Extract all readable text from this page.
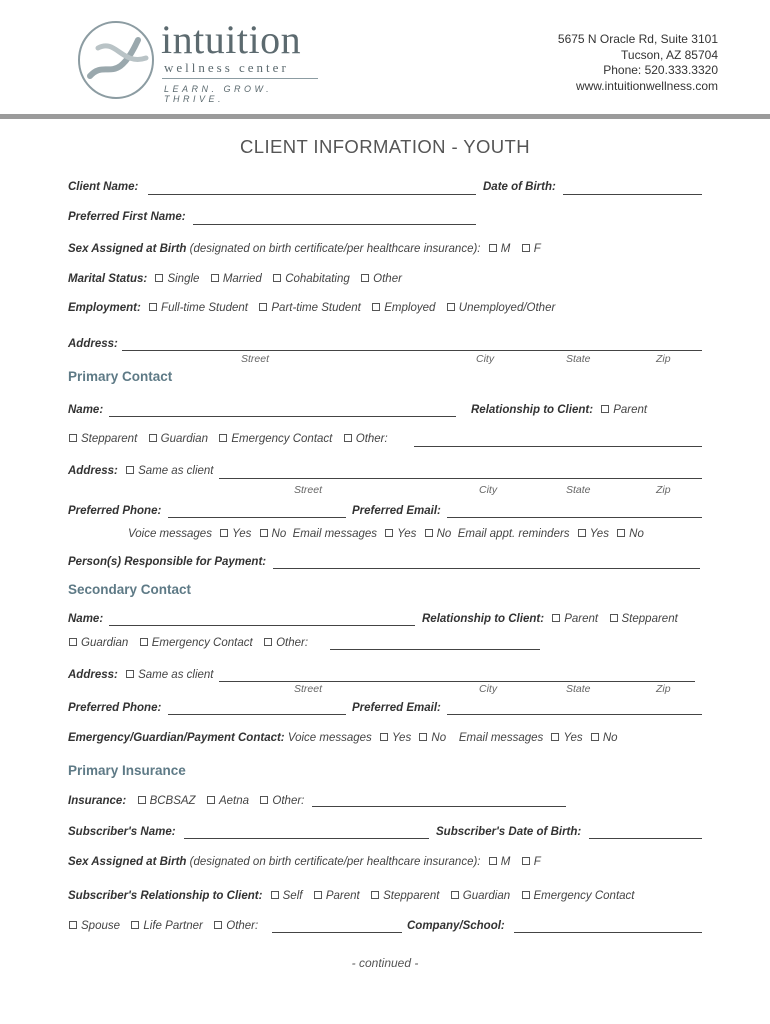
intuition
wellness center
LEARN. GROW. THRIVE.
5675 N Oracle Rd, Suite 3101
Tucson, AZ 85704
Phone: 520.333.3320
www.intuitionwellness.com
CLIENT INFORMATION - YOUTH
Client Name:	Date of Birth:
Preferred First Name:
Sex Assigned at Birth (designated on birth certificate/per healthcare insurance): M F
Marital Status: Single Married Cohabitating Other
Employment: Full-time Student Part-time Student Employed Unemployed/Other
Address:
Street	City	State	Zip
Primary Contact
Name:	Relationship to Client: Parent
Stepparent Guardian Emergency Contact Other:
Address: Same as client
Street	City	State	Zip
Preferred Phone:	Preferred Email:
Voice messages Yes No Email messages Yes No Email appt. reminders Yes No
Person(s) Responsible for Payment:
Secondary Contact
Name:	Relationship to Client: Parent Stepparent
Guardian Emergency Contact Other:
Address: Same as client
Street	City	State	Zip
Preferred Phone:	Preferred Email:
Emergency/Guardian/Payment Contact: Voice messages Yes No Email messages Yes No
Primary Insurance
Insurance: BCBSAZ Aetna Other:
Subscriber's Name:	Subscriber's Date of Birth:
Sex Assigned at Birth (designated on birth certificate/per healthcare insurance): M F
Subscriber's Relationship to Client: Self Parent Stepparent Guardian Emergency Contact
Spouse Life Partner Other:	Company/School:
- continued -
